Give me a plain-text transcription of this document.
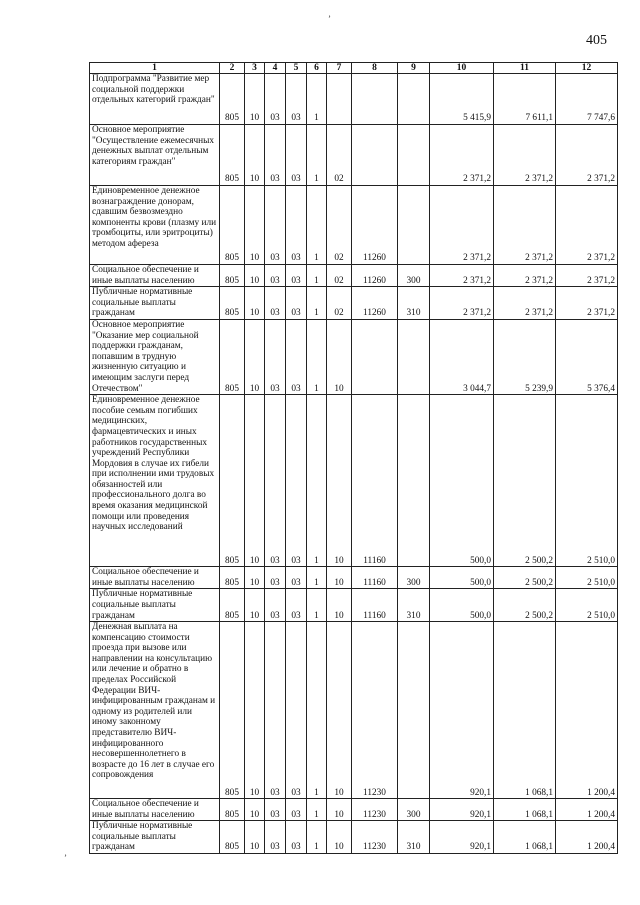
405
1	2	3	4	5	6	7	8	9	10	11	12
Подпрограмма "Развитие мер социальной поддержки отдельных категорий граждан"	805	10	03	03	1				5 415,9	7 611,1	7 747,6
Основное мероприятие "Осуществление ежемесячных денежных выплат отдельным категориям граждан"	805	10	03	03	1	02			2 371,2	2 371,2	2 371,2
Единовременное денежное вознаграждение донорам, сдавшим безвозмездно компоненты крови (плазму или тромбоциты, или эритроциты) методом афереза	805	10	03	03	1	02	11260		2 371,2	2 371,2	2 371,2
Социальное обеспечение и иные выплаты населению	805	10	03	03	1	02	11260	300	2 371,2	2 371,2	2 371,2
Публичные нормативные социальные выплаты гражданам	805	10	03	03	1	02	11260	310	2 371,2	2 371,2	2 371,2
Основное мероприятие "Оказание мер социальной поддержки гражданам, попавшим в трудную жизненную ситуацию и имеющим заслуги перед Отечеством"	805	10	03	03	1	10			3 044,7	5 239,9	5 376,4
Единовременное денежное пособие семьям погибших медицинских, фармацевтических и иных работников государственных учреждений Республики Мордовия в случае их гибели при исполнении ими трудовых обязанностей или профессионального долга во время оказания медицинской помощи или проведения научных исследований	805	10	03	03	1	10	11160		500,0	2 500,2	2 510,0
Социальное обеспечение и иные выплаты населению	805	10	03	03	1	10	11160	300	500,0	2 500,2	2 510,0
Публичные нормативные социальные выплаты гражданам	805	10	03	03	1	10	11160	310	500,0	2 500,2	2 510,0
Денежная выплата на компенсацию стоимости проезда при вызове или направлении на консультацию или лечение и обратно в пределах Российской Федерации ВИЧ-инфицированным гражданам и одному из родителей или иному законному представителю ВИЧ-инфицированного несовершеннолетнего в возрасте до 16 лет в случае его сопровождения	805	10	03	03	1	10	11230		920,1	1 068,1	1 200,4
Социальное обеспечение и иные выплаты населению	805	10	03	03	1	10	11230	300	920,1	1 068,1	1 200,4
Публичные нормативные социальные выплаты гражданам	805	10	03	03	1	10	11230	310	920,1	1 068,1	1 200,4
ʼ
ʼ
